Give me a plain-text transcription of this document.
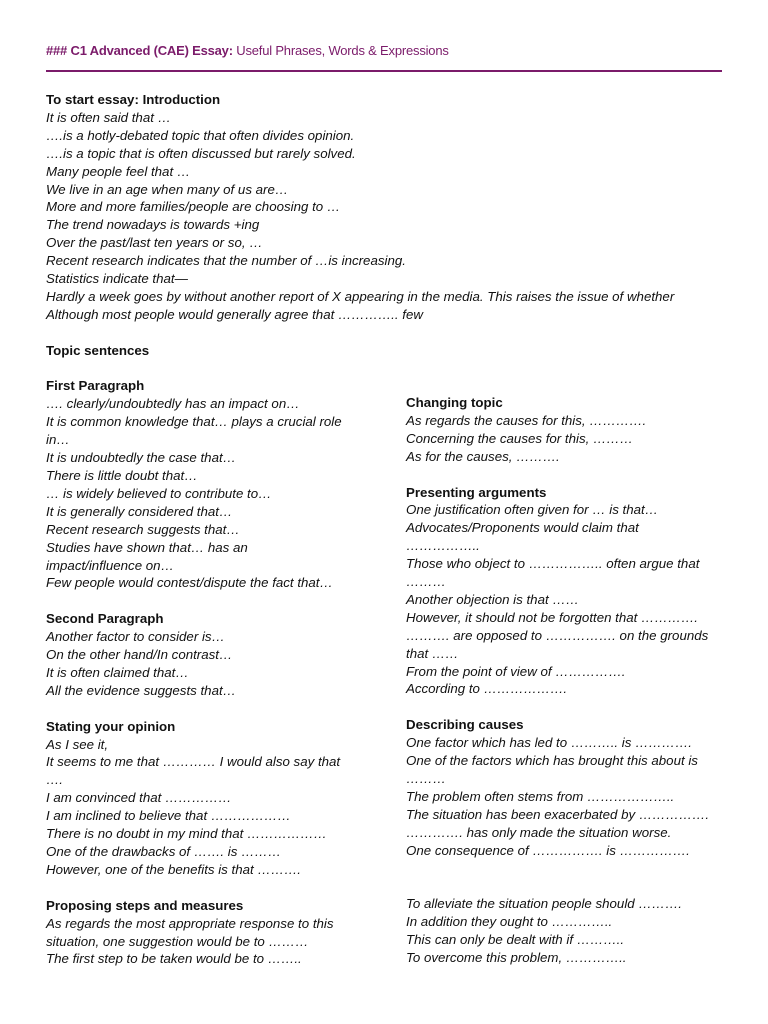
### C1 Advanced (CAE) Essay: Useful Phrases, Words & Expressions
To start essay: Introduction
It is often said that …
….is a hotly-debated topic that often divides opinion.
….is a topic that is often discussed but rarely solved.
Many people feel that …
We live in an age when many of us are…
More and more families/people are choosing to …
The trend nowadays is towards +ing
Over the past/last ten years or so, …
Recent research indicates that the number of …is increasing.
Statistics indicate that—
Hardly a week goes by without another report of X appearing in the media. This raises the issue of whether
Although most people would generally agree that ………….. few
Topic sentences
First Paragraph
…. clearly/undoubtedly has an impact on…
It is common knowledge that… plays a crucial role
in…
It is undoubtedly the case that…
There is little doubt that…
… is widely believed to contribute to…
It is generally considered that…
Recent research suggests that…
Studies have shown that… has an
impact/influence on…
Few people would contest/dispute the fact that…
Second Paragraph
Another factor to consider is…
On the other hand/In contrast…
It is often claimed that…
All the evidence suggests that…
Stating your opinion
As I see it,
It seems to me that ………… I would also say that
….
I am convinced that ……………
I am inclined to believe that ………………
There is no doubt in my mind that ………………
One of the drawbacks of ……. is ………
However, one of the benefits is that ……….
Proposing steps and measures
As regards the most appropriate response to this
situation, one suggestion would be to ………
The first step to be taken would be to ……..
Changing topic
As regards the causes for this, ………….
Concerning the causes for this, ………
As for the causes, ……….
Presenting arguments
One justification often given for … is that…
Advocates/Proponents would claim that
……………..
Those who object to …………….. often argue that
………
Another objection is that ……
However, it should not be forgotten that ………….
………. are opposed to ……………. on the grounds
that ……
From the point of view of …………….
According to ……………….
Describing causes
One factor which has led to ……….. is ………….
One of the factors which has brought this about is
………
The problem often stems from ………………..
The situation has been exacerbated by …………….
…………. has only made the situation worse.
One consequence of ……………. is …………….
To alleviate the situation people should ……….
In addition they ought to …………..
This can only be dealt with if ………..
To overcome this problem, …………..
